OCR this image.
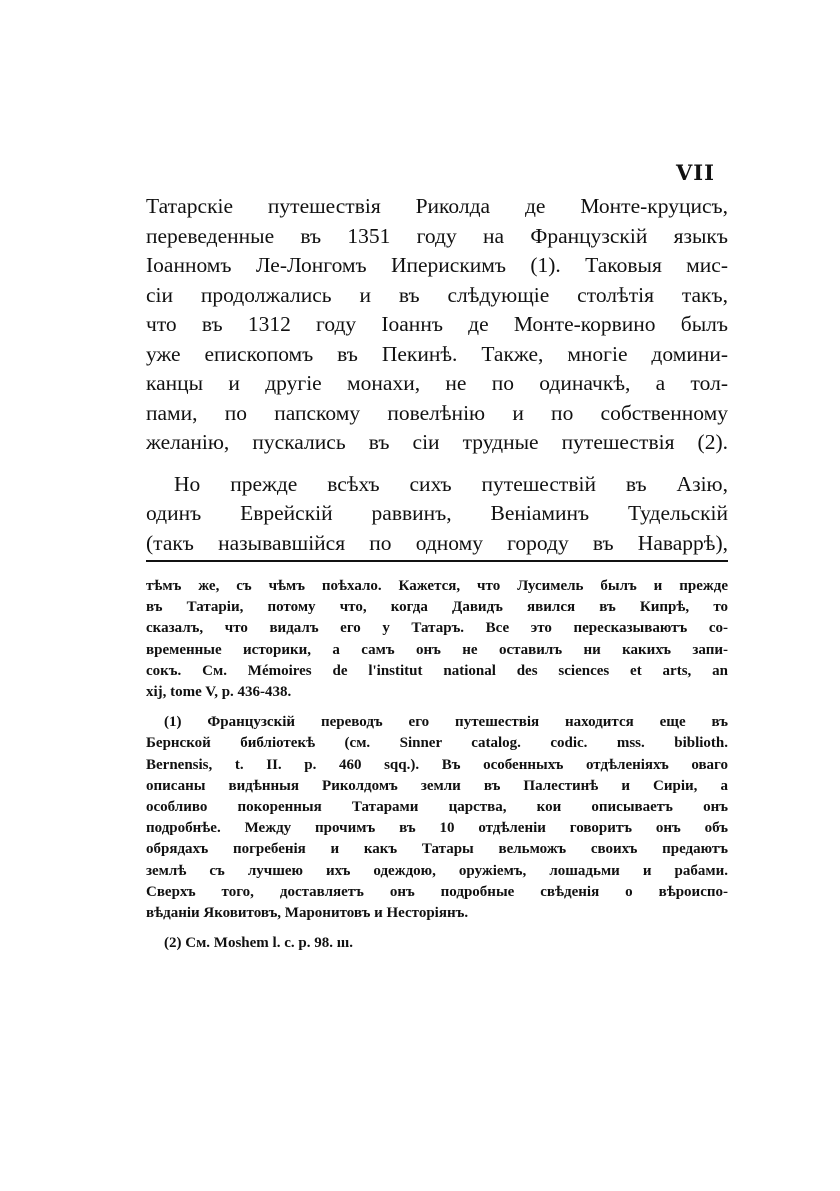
VII
Татарскіе путешествія Риколда де Монте-круцисъ,
переведенные въ 1351 году на Французскій языкъ
Іоанномъ Ле-Лонгомъ Иперискимъ (1). Таковыя мис-
сіи продолжались и въ слѣдующіе столѣтія такъ,
что въ 1312 году Іоаннъ де Монте-корвино былъ
уже епископомъ въ Пекинѣ. Также, многіе домини-
канцы и другіе монахи, не по одиначкѣ, а тол-
пами, по папскому повелѣнію и по собственному
желанію, пускались въ сіи трудные путешествія (2).
Но прежде всѣхъ сихъ путешествій въ Азію,
одинъ Еврейскій раввинъ, Веніаминъ Тудельскій
(такъ называвшійся по одному городу въ Наваррѣ),
тѣмъ же, съ чѣмъ поѣхало. Кажется, что Лусимель былъ и прежде
въ Татаріи, потому что, когда Давидъ явился въ Кипрѣ, то
сказалъ, что видалъ его у Татаръ. Все это пересказываютъ со-
временные историки, а самъ онъ не оставилъ ни какихъ запи-
сокъ. См. Mémoires de l'institut national des sciences et arts, an
xij, tome V, p. 436-438.
(1) Французскій переводъ его путешествія находится еще въ
Бернской библіотекѣ (см. Sinner catalog. codic. mss. biblioth.
Bernensis, t. II. p. 460 sqq.). Въ особенныхъ отдѣленіяхъ оваго
описаны видѣнныя Риколдомъ земли въ Палестинѣ и Сиріи, а
особливо покоренныя Татарами царства, кои описываетъ онъ
подробнѣе. Между прочимъ въ 10 отдѣленіи говоритъ онъ объ
обрядахъ погребенія и какъ Татары вельможъ своихъ предаютъ
землѣ съ лучшею ихъ одеждою, оружіемъ, лошадьми и рабами.
Сверхъ того, доставляетъ онъ подробные свѣденія о вѣроиспо-
вѣданіи Яковитовъ, Маронитовъ и Несторіянъ.
(2) См. Moshem l. c. p. 98. ııı.
